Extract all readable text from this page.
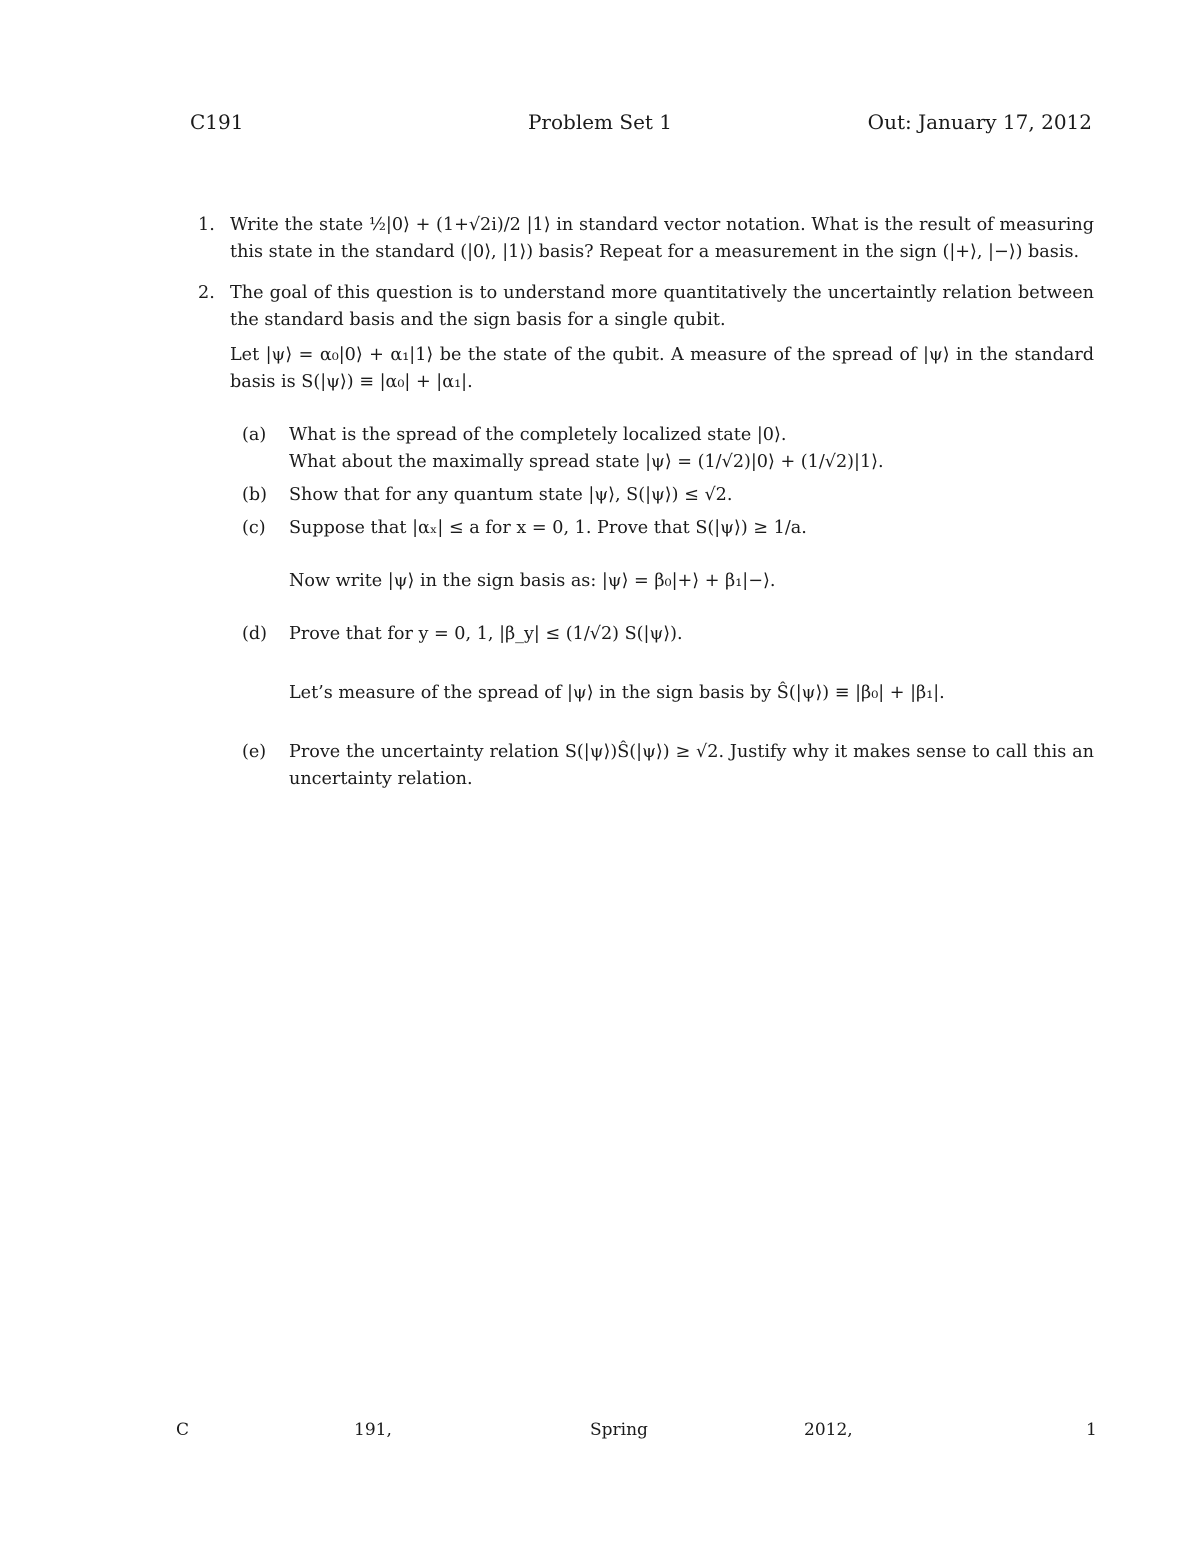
C191	Problem Set 1	Out: January 17, 2012
1. Write the state ½|0⟩ + (1+√2i)/2 |1⟩ in standard vector notation. What is the result of measuring this state in the standard (|0⟩, |1⟩) basis? Repeat for a measurement in the sign (|+⟩, |−⟩) basis.

2. The goal of this question is to understand more quantitatively the uncertaintly relation between the standard basis and the sign basis for a single qubit.

Let |ψ⟩ = α₀|0⟩ + α₁|1⟩ be the state of the qubit. A measure of the spread of |ψ⟩ in the standard basis is S(|ψ⟩) ≡ |α₀| + |α₁|.

(a) What is the spread of the completely localized state |0⟩.
What about the maximally spread state |ψ⟩ = (1/√2)|0⟩ + (1/√2)|1⟩.
(b) Show that for any quantum state |ψ⟩, S(|ψ⟩) ≤ √2.
(c) Suppose that |αₓ| ≤ a for x = 0, 1. Prove that S(|ψ⟩) ≥ 1/a.
Now write |ψ⟩ in the sign basis as: |ψ⟩ = β₀|+⟩ + β₁|−⟩.
(d) Prove that for y = 0, 1, |β_y| ≤ (1/√2) S(|ψ⟩).
Let’s measure of the spread of |ψ⟩ in the sign basis by Ŝ(|ψ⟩) ≡ |β₀| + |β₁|.
(e) Prove the uncertainty relation S(|ψ⟩)Ŝ(|ψ⟩) ≥ √2. Justify why it makes sense to call this an uncertainty relation.
C	191,	Spring	2012,	1
